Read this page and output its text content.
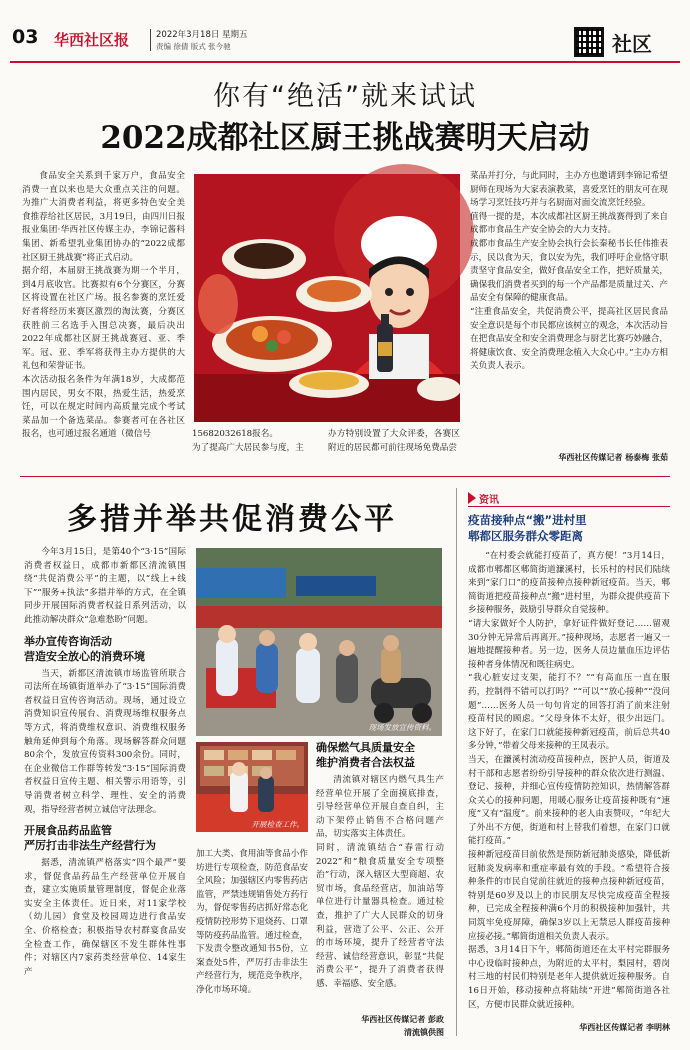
03 华西社区报	2022年3月18日 星期五
责编 徐倩 版式 张今驰	社区
你有“绝活”就来试试
2022成都社区厨王挑战赛明天启动

食品安全关系到千家万户，食品安全消费一直以来也是大众重点关注的问题。为推广大消费者利益，将更多特色安全美食推荐给社区居民，3月19日，由四川日报报业集团·华西社区传媒主办，李锦记酱料集团、新希望乳业集团协办的“2022成都社区厨王挑战赛”将正式启动。
据介绍，本届厨王挑战赛为期一个半月，到4月底收官。比赛拟有6个分赛区，分赛区将设置在社区广场。报名参赛的烹饪爱好者将经历来赛区激烈的淘汰赛，分赛区获胜前三名选手入围总决赛，最后决出2022年成都社区厨王挑战赛冠、亚、季军。冠、亚、季军将获得主办方提供的大礼包和荣誉证书。
本次活动报名条件为年满18岁，大成都范围内居民，男女不限，热爱生活，热爱烹饪，可以在规定时间内高质量完成个考试菜品加一个备选菜品。参赛者可在各社区报名，也可通过报名通道（微信号	15682032618报名。
为了提高广大居民参与度，主

办方特别设置了大众评委，各赛区附近的居民都可前往现场免费品尝

菜品并打分，与此同时，主办方也邀请到李锦记希望厨师在现场为大家表演教菜，喜爱烹饪的朋友可在现场学习烹饪技巧并与名厨面对面交流烹饪经验。
值得一提的是，本次成都社区厨王挑战赛得到了来自成都市食品生产安全协会的大力支持。
成都市食品生产安全协会执行会长秦秘书长任伟推表示，民以食为天，食以安为先，我们呼吁企业恪守职责坚守食品安全，做好食品安全工作，把好质量关，确保我们消费者买到的每一个产品都是质量过关、产品安全有保障的健康食品。
“注重食品安全，共促消费公平，提高社区居民食品安全意识是每个市民都应该树立的观念，本次活动旨在把食品安全和安全消费理念与厨艺比赛巧妙融合，将健康饮食、安全消费理念植入大众心中。”主办方相关负责人表示。

华西社区传媒记者 杨泰梅 张茹
多措并举共促消费公平

今年3月15日，是第40个“3·15”国际消费者权益日，成都市新都区清流镇围绕“共促消费公平”的主题，以“线上+线下”“服务+执法”多措并举的方式，在全镇同步开展国际消费者权益日系列活动，以此推动解决群众“急难愁盼”问题。

举办宣传咨询活动
营造安全放心的消费环境

当天，新都区清流镇市场监管所联合司法所在场镇街道举办了“3·15”国际消费者权益日宣传咨询活动。现场，通过设立消费知识宣传展台、消费现场维权服务点等方式，将消费维权意识、消费维权服务触角延伸到每个角落。现场解答群众问题80余个，发放宣传资料300余份。同时，在企业微信工作群等转发“3·15”国际消费者权益日宣传主题、相关警示用语等，引导消费者树立科学、理性、安全的消费观，指导经营者树立诚信守法理念。

开展食品药品监管
严厉打击非法生产经营行为

据悉，清流镇严格落实“四个最严”要求，督促食品药品生产经营单位开展自查，建立实施质量管理制度，督促企业落实安全主体责任。近日来，对11家学校（幼儿园）食堂及校园周边进行食品安全、价格检查；积极指导农村群宴食品安全检查工作，确保辖区不发生群体性事件；对辖区内7家药类经营单位、14家生产

现场发放宣传资料。
开展检查工作。

加工大类、食用油等食品小作坊进行专项检查，防范食品安全风险；加强辖区内零售药店监管，严禁违规销售处方药行为，督促零售药店抓好常态化疫情防控形势下退烧药、口罩等防疫药品监管。通过检查，下发责令整改通知书5份，立案查处5件，严厉打击非法生产经营行为，规范竞争秩序，净化市场环境。

确保燃气具质量安全
维护消费者合法权益

清流镇对辖区内燃气具生产经营单位开展了全面摸底排查，引导经营单位开展自查自纠，主动下架停止销售不合格问题产品，切实落实主体责任。
同时，清流镇结合“春雷行动2022”和“粮食质量安全专项整治”行动，深入辖区大型商超、农贸市场，食品经营店，加油站等单位进行计量器具检查。通过检查，推护了广大人民群众的切身利益，营造了公平、公正、公开的市场环境，提升了经营者守法经营、诚信经营意识，彰显“共促消费公平”，提升了消费者获得感、幸福感、安全感。

华西社区传媒记者 彭政
清流镇供图
资讯
疫苗接种点“搬”进村里
郫都区服务群众零距离

“在村委会就能打疫苗了，真方便！”3月14日，成都市郫都区郫简街道濂溪村，长乐村的村民们陆续来到“家门口”的疫苗接种点接种新冠疫苗。当天，郫简街道把疫苗接种点“搬”进村里，为群众提供疫苗下乡接种服务，鼓励引导群众自觉接种。
“请大家做好个人防护，拿好证件做好登记……留观30分钟无异常后再离开。”接种现场，志愿者一遍又一遍地提醒接种者。另一边，医务人员边量血压边评估接种者身体情况和既往病史。
“我心脏安过支架，能打不？”“有高血压一直在服药，控制得不错可以打吗？”“可以”“放心接种”“没问题”……医务人员一句句肯定的回答打消了前来注射疫苗村民的顾虑。“父母身体不太好，很少出远门。这下好了，在家门口就能接种新冠疫苗，前后总共40多分钟，”带着父母来接种的王凤表示。
当天，在濂溪村流动疫苗接种点，医护人员，街道及村干部和志愿者纷纷引导接种的群众依次进行测温、登记、接种，并细心宣传疫情防控知识，热情解答群众关心的接种问题，用暖心服务让疫苗接种既有“速度”又有“温度”。前来接种的老人由衷赞叹，“年纪大了外出不方便，街道和村上替我们着想，在家门口就能打疫苗。”
接种新冠疫苗目前依然是预防新冠肺炎感染，降低新冠肺炎发病率和重症率最有效的手段。“希望符合接种条件的市民自觉前往就近的接种点接种新冠疫苗，特别是60岁及以上的市民朋友尽快完成疫苗全程接种，已完成全程接种满6个月的积极接种加强针，共同筑牢免疫屏障，确保3岁以上无禁忌人群疫苗接种应接必接。”郫简街道相关负责人表示。
据悉，3月14日下午，郫简街道还在太平村完群服务中心设临时接种点，为附近的太平村，梨园村，碧岗村三地的村民们特别是老年人提供就近接种服务。自16日开始，移动接种点将陆续“开进”郫简街道各社区，方便市民群众就近接种。

华西社区传媒记者 李明林
